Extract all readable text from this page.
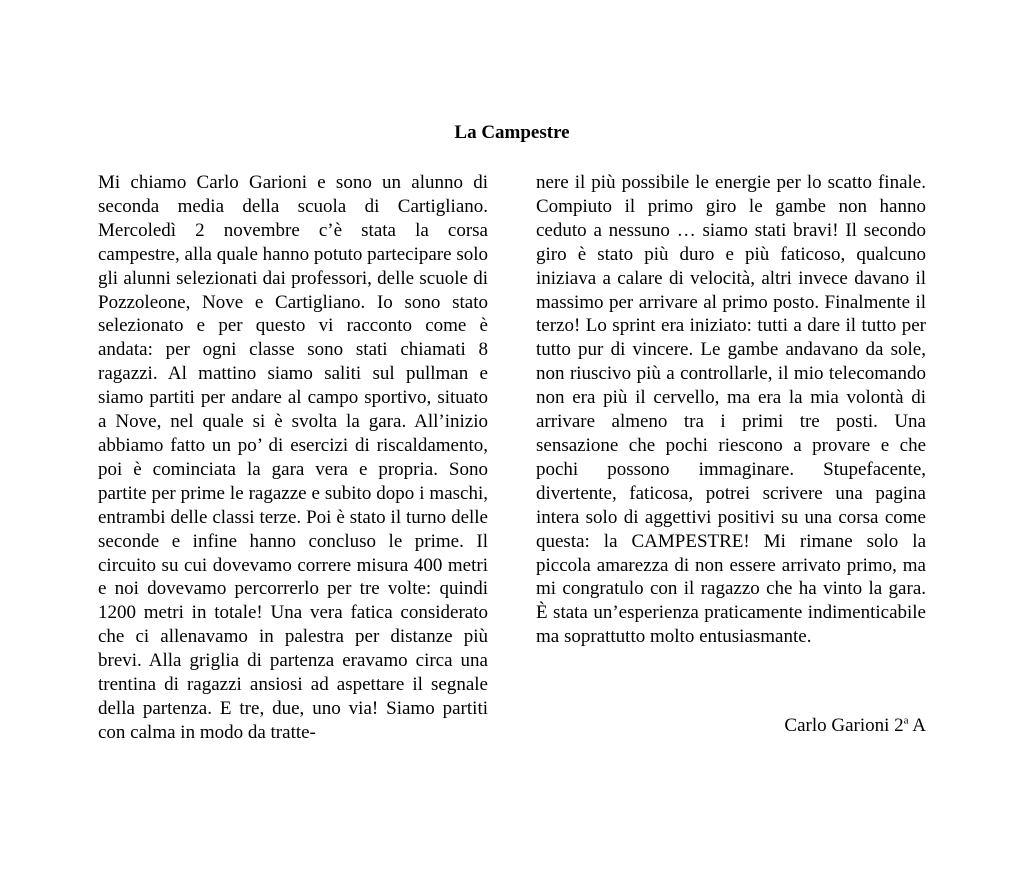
La Campestre

Mi chiamo Carlo Garioni e sono un alunno di seconda media della scuola di Cartigliano. Mercoledì 2 novembre c’è stata la corsa campestre, alla quale hanno potuto partecipare solo gli alunni selezionati dai professori, delle scuole di Pozzoleone, Nove e Cartigliano. Io sono stato selezionato e per questo vi racconto come è andata: per ogni classe sono stati chiamati 8 ragazzi. Al mattino siamo saliti sul pullman e siamo partiti per andare al campo sportivo, situato a Nove, nel quale si è svolta la gara. All’inizio abbiamo fatto un po’ di esercizi di riscaldamento, poi è cominciata la gara vera e propria. Sono partite per prime le ragazze e subito dopo i maschi, entrambi delle classi terze. Poi è stato il turno delle seconde e infine hanno concluso le prime. Il circuito su cui dovevamo correre misura 400 metri e noi dovevamo percorrerlo per tre volte: quindi 1200 metri in totale! Una vera fatica considerato che ci allenavamo in palestra per distanze più brevi. Alla griglia di partenza eravamo circa una trentina di ragazzi ansiosi ad aspettare il segnale della partenza. E tre, due, uno via! Siamo partiti con calma in modo da tratte-

nere il più possibile le energie per lo scatto finale. Compiuto il primo giro le gambe non hanno ceduto a nessuno … siamo stati bravi! Il secondo giro è stato più duro e più faticoso, qualcuno iniziava a calare di velocità, altri invece davano il massimo per arrivare al primo posto. Finalmente il terzo! Lo sprint era iniziato: tutti a dare il tutto per tutto pur di vincere. Le gambe andavano da sole, non riuscivo più a controllarle, il mio telecomando non era più il cervello, ma era la mia volontà di arrivare almeno tra i primi tre posti. Una sensazione che pochi riescono a provare e che pochi possono immaginare. Stupefacente, divertente, faticosa, potrei scrivere una pagina intera solo di aggettivi positivi su una corsa come questa: la CAMPESTRE! Mi rimane solo la piccola amarezza di non essere arrivato primo, ma mi congratulo con il ragazzo che ha vinto la gara. È stata un’esperienza praticamente indimenticabile ma soprattutto molto entusiasmante.

Carlo Garioni 2$^a$ A
